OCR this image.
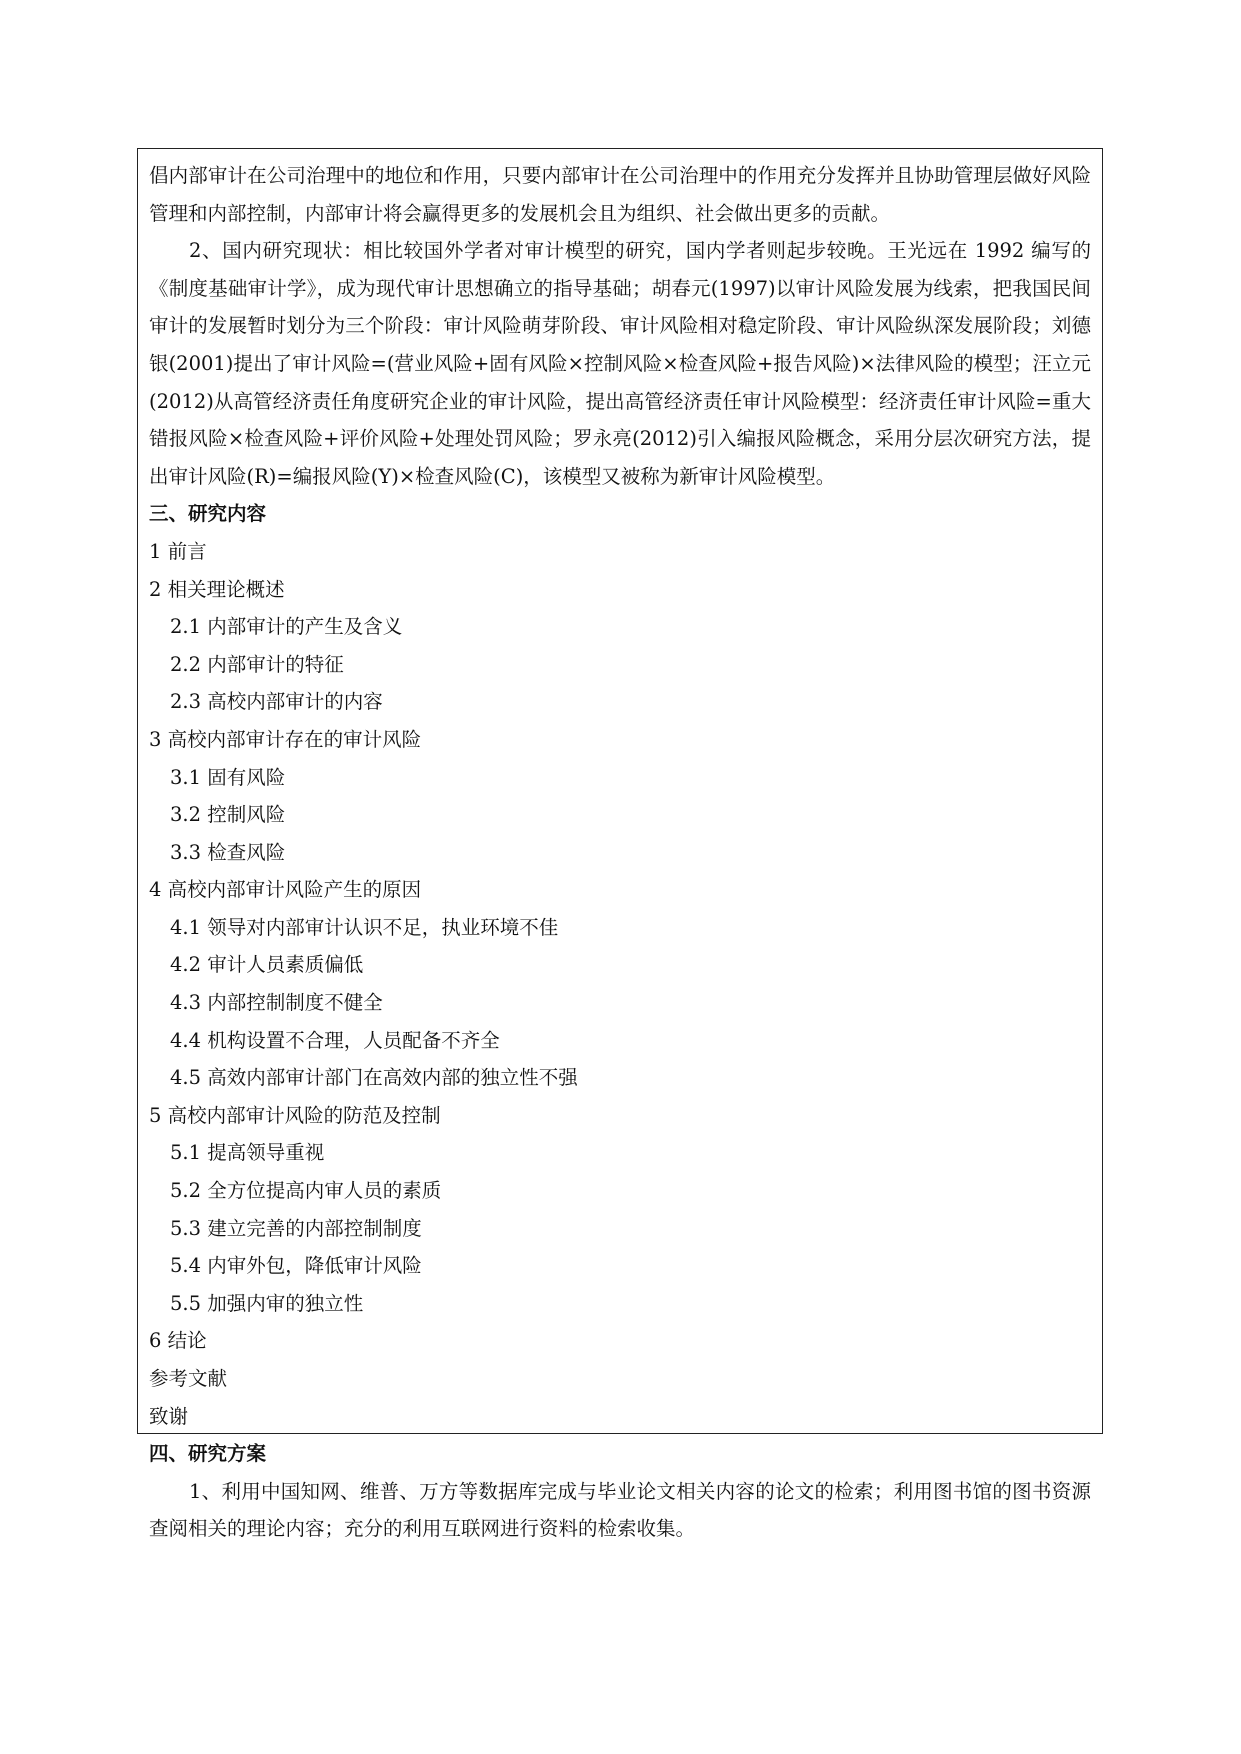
倡内部审计在公司治理中的地位和作用，只要内部审计在公司治理中的作用充分发挥并且协助管理层做好风险管理和内部控制，内部审计将会赢得更多的发展机会且为组织、社会做出更多的贡献。

2、国内研究现状：相比较国外学者对审计模型的研究，国内学者则起步较晚。王光远在 1992 编写的《制度基础审计学》，成为现代审计思想确立的指导基础；胡春元(1997)以审计风险发展为线索，把我国民间审计的发展暂时划分为三个阶段：审计风险萌芽阶段、审计风险相对稳定阶段、审计风险纵深发展阶段；刘德银(2001)提出了审计风险=(营业风险+固有风险×控制风险×检查风险+报告风险)×法律风险的模型；汪立元(2012)从高管经济责任角度研究企业的审计风险，提出高管经济责任审计风险模型：经济责任审计风险=重大错报风险×检查风险+评价风险+处理处罚风险；罗永亮(2012)引入编报风险概念，采用分层次研究方法，提出审计风险(R)=编报风险(Y)×检查风险(C)，该模型又被称为新审计风险模型。

三、研究内容

1 前言

2 相关理论概述

2.1 内部审计的产生及含义

2.2 内部审计的特征

2.3 高校内部审计的内容

3 高校内部审计存在的审计风险

3.1 固有风险

3.2 控制风险

3.3 检查风险

4 高校内部审计风险产生的原因

4.1 领导对内部审计认识不足，执业环境不佳

4.2 审计人员素质偏低

4.3 内部控制制度不健全

4.4 机构设置不合理，人员配备不齐全

4.5 高效内部审计部门在高效内部的独立性不强

5 高校内部审计风险的防范及控制

5.1 提高领导重视

5.2 全方位提高内审人员的素质

5.3 建立完善的内部控制制度

5.4 内审外包，降低审计风险

5.5 加强内审的独立性

6 结论

参考文献

致谢

四、研究方案

1、利用中国知网、维普、万方等数据库完成与毕业论文相关内容的论文的检索；利用图书馆的图书资源查阅相关的理论内容；充分的利用互联网进行资料的检索收集。
